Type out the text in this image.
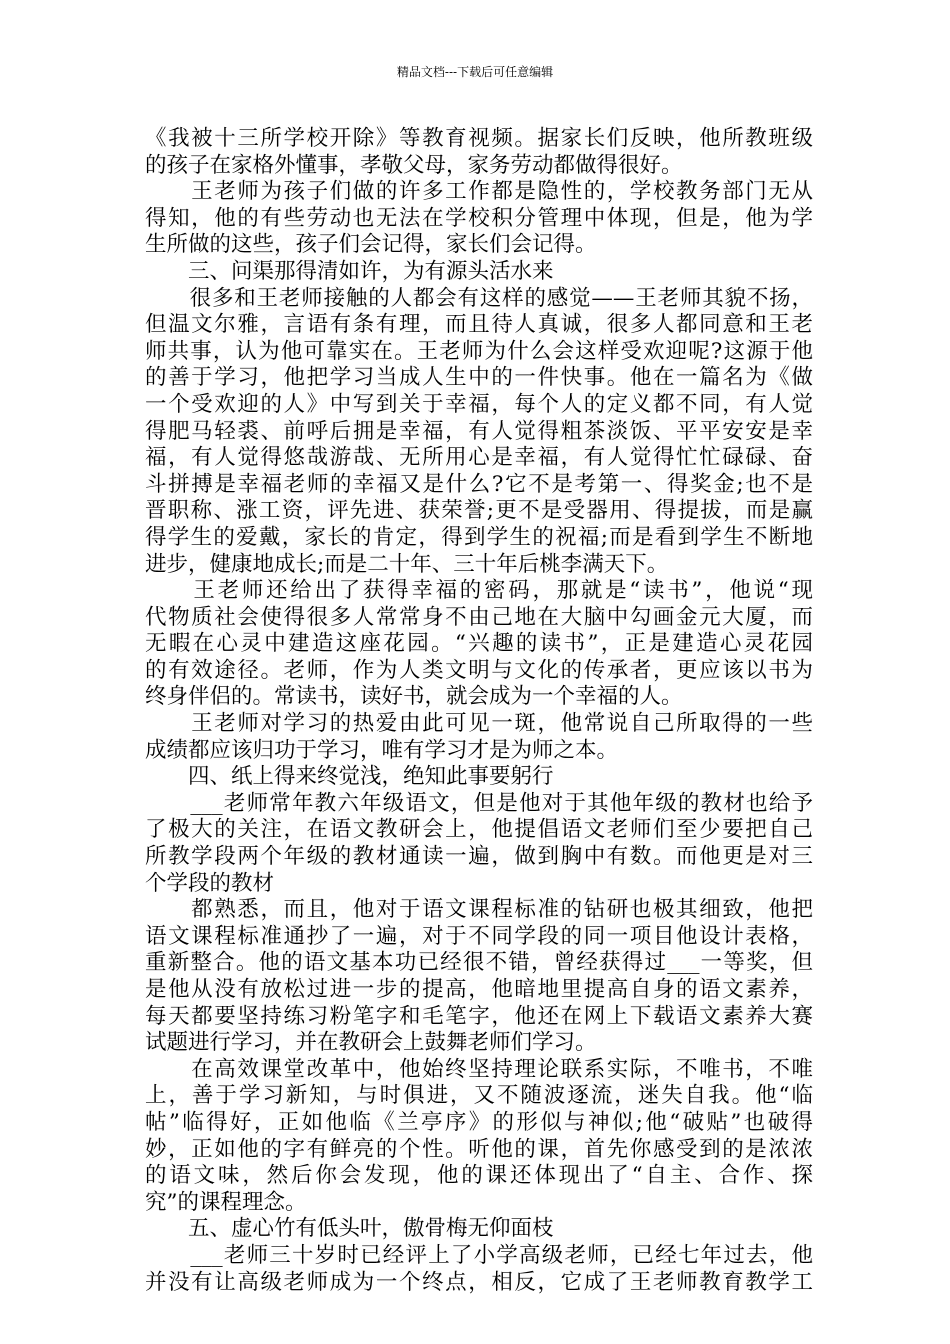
精品文档---下载后可任意编辑
《我被十三所学校开除》等教育视频。据家长们反映，他所教班级
的孩子在家格外懂事，孝敬父母，家务劳动都做得很好。
　　王老师为孩子们做的许多工作都是隐性的，学校教务部门无从
得知，他的有些劳动也无法在学校积分管理中体现，但是，他为学
生所做的这些，孩子们会记得，家长们会记得。
　　三、问渠那得清如许，为有源头活水来
　　很多和王老师接触的人都会有这样的感觉——王老师其貌不扬，
但温文尔雅，言语有条有理，而且待人真诚，很多人都同意和王老
师共事，认为他可靠实在。王老师为什么会这样受欢迎呢?这源于他
的善于学习，他把学习当成人生中的一件快事。他在一篇名为《做
一个受欢迎的人》中写到关于幸福，每个人的定义都不同，有人觉
得肥马轻裘、前呼后拥是幸福，有人觉得粗茶淡饭、平平安安是幸
福，有人觉得悠哉游哉、无所用心是幸福，有人觉得忙忙碌碌、奋
斗拼搏是幸福老师的幸福又是什么?它不是考第一、得奖金;也不是
晋职称、涨工资，评先进、获荣誉;更不是受器用、得提拔，而是赢
得学生的爱戴，家长的肯定，得到学生的祝福;而是看到学生不断地
进步，健康地成长;而是二十年、三十年后桃李满天下。
　　王老师还给出了获得幸福的密码，那就是“读书”，他说“现
代物质社会使得很多人常常身不由己地在大脑中勾画金元大厦，而
无暇在心灵中建造这座花园。“兴趣的读书”，正是建造心灵花园
的有效途径。老师，作为人类文明与文化的传承者，更应该以书为
终身伴侣的。常读书，读好书，就会成为一个幸福的人。
　　王老师对学习的热爱由此可见一斑，他常说自己所取得的一些
成绩都应该归功于学习，唯有学习才是为师之本。
　　四、纸上得来终觉浅，绝知此事要躬行
　　___老师常年教六年级语文，但是他对于其他年级的教材也给予
了极大的关注，在语文教研会上，他提倡语文老师们至少要把自己
所教学段两个年级的教材通读一遍，做到胸中有数。而他更是对三
个学段的教材
　　都熟悉，而且，他对于语文课程标准的钻研也极其细致，他把
语文课程标准通抄了一遍，对于不同学段的同一项目他设计表格，
重新整合。他的语文基本功已经很不错，曾经获得过___一等奖，但
是他从没有放松过进一步的提高，他暗地里提高自身的语文素养，
每天都要坚持练习粉笔字和毛笔字，他还在网上下载语文素养大赛
试题进行学习，并在教研会上鼓舞老师们学习。
　　在高效课堂改革中，他始终坚持理论联系实际，不唯书，不唯
上，善于学习新知，与时俱进，又不随波逐流，迷失自我。他“临
帖”临得好，正如他临《兰亭序》的形似与神似;他“破贴”也破得
妙，正如他的字有鲜亮的个性。听他的课，首先你感受到的是浓浓
的语文味，然后你会发现，他的课还体现出了“自主、合作、探
究”的课程理念。
　　五、虚心竹有低头叶，傲骨梅无仰面枝
　　___老师三十岁时已经评上了小学高级老师，已经七年过去，他
并没有让高级老师成为一个终点，相反，它成了王老师教育教学工
